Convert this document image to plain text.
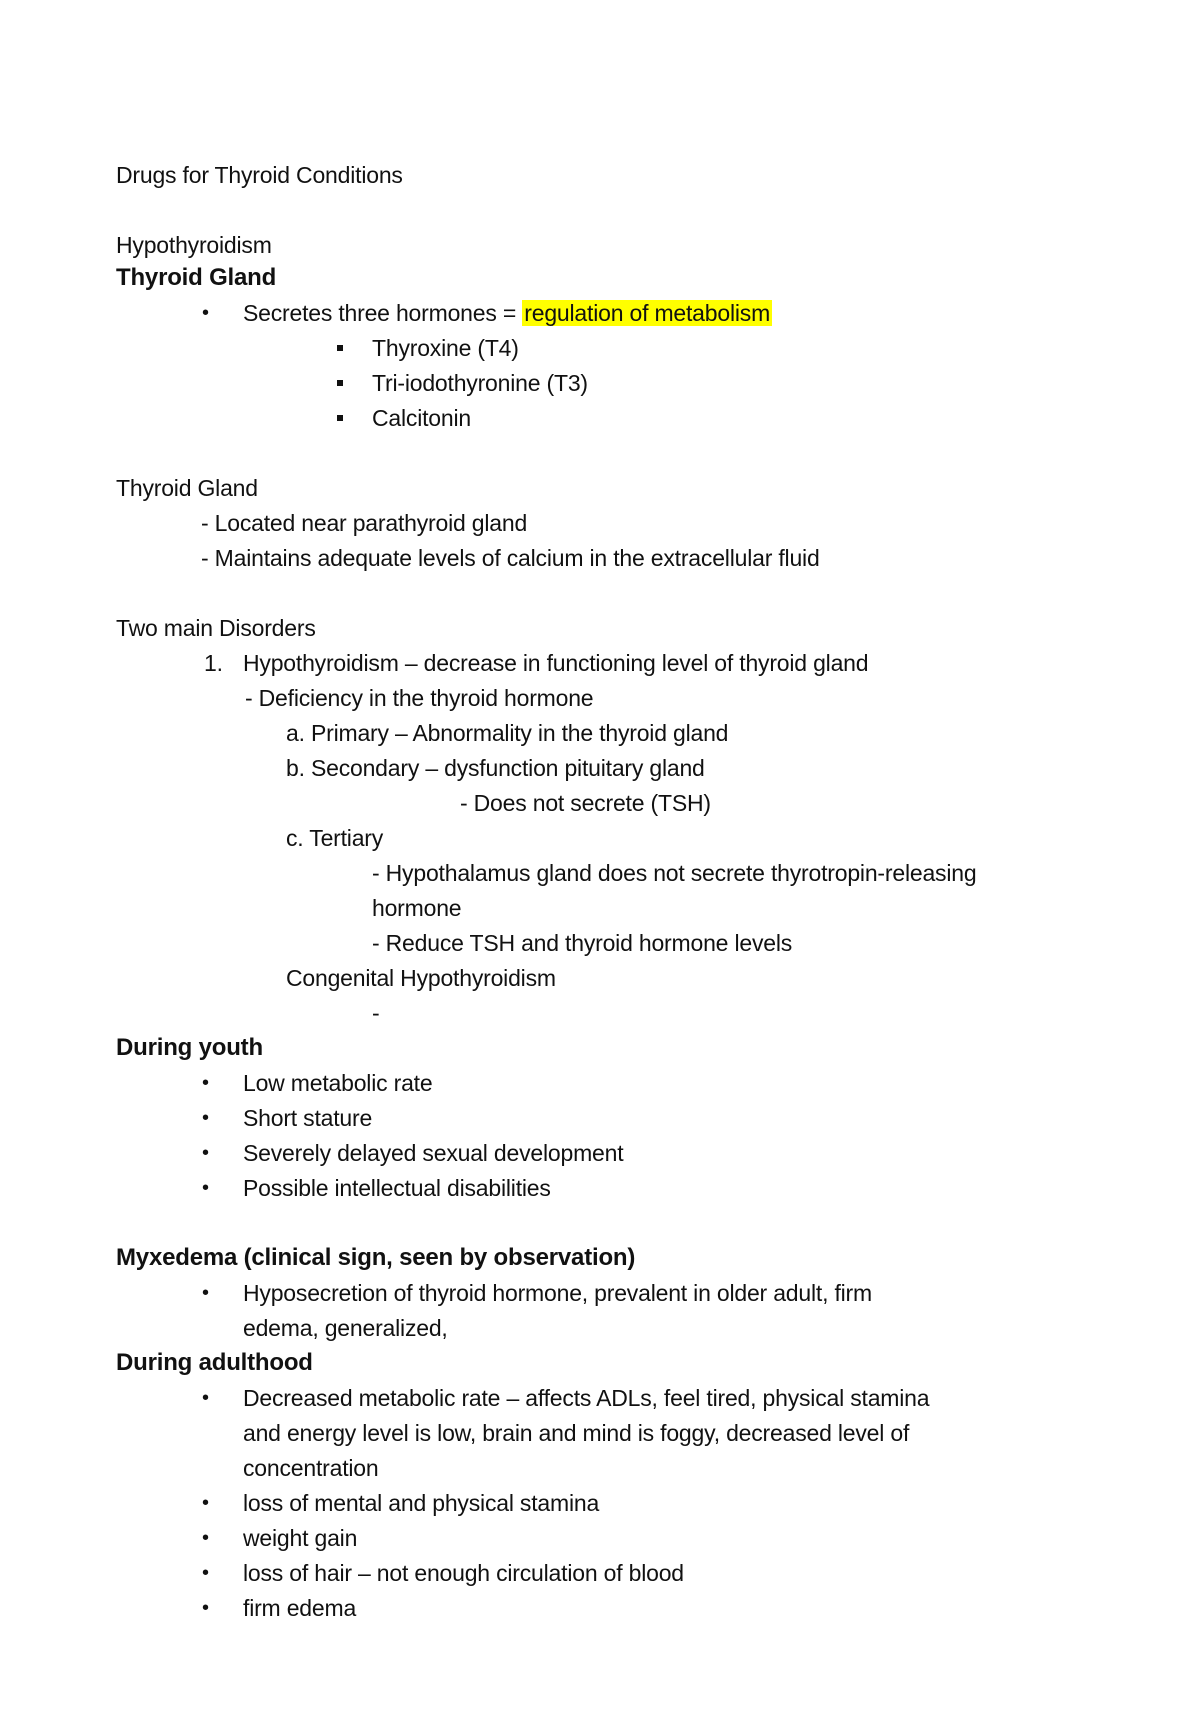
Drugs for Thyroid Conditions
Hypothyroidism
Thyroid Gland
• Secretes three hormones = regulation of metabolism
Thyroxine (T4)
Tri-iodothyronine (T3)
Calcitonin
Thyroid Gland
- Located near parathyroid gland
- Maintains adequate levels of calcium in the extracellular fluid
Two main Disorders
1. Hypothyroidism – decrease in functioning level of thyroid gland
- Deficiency in the thyroid hormone
a. Primary – Abnormality in the thyroid gland
b. Secondary – dysfunction pituitary gland
- Does not secrete (TSH)
c. Tertiary
- Hypothalamus gland does not secrete thyrotropin-releasing
hormone
- Reduce TSH and thyroid hormone levels
Congenital Hypothyroidism
-
During youth
• Low metabolic rate
• Short stature
• Severely delayed sexual development
• Possible intellectual disabilities
Myxedema (clinical sign, seen by observation)
• Hyposecretion of thyroid hormone, prevalent in older adult, firm
edema, generalized,
During adulthood
• Decreased metabolic rate – affects ADLs, feel tired, physical stamina
and energy level is low, brain and mind is foggy, decreased level of
concentration
• loss of mental and physical stamina
• weight gain
• loss of hair – not enough circulation of blood
• firm edema
